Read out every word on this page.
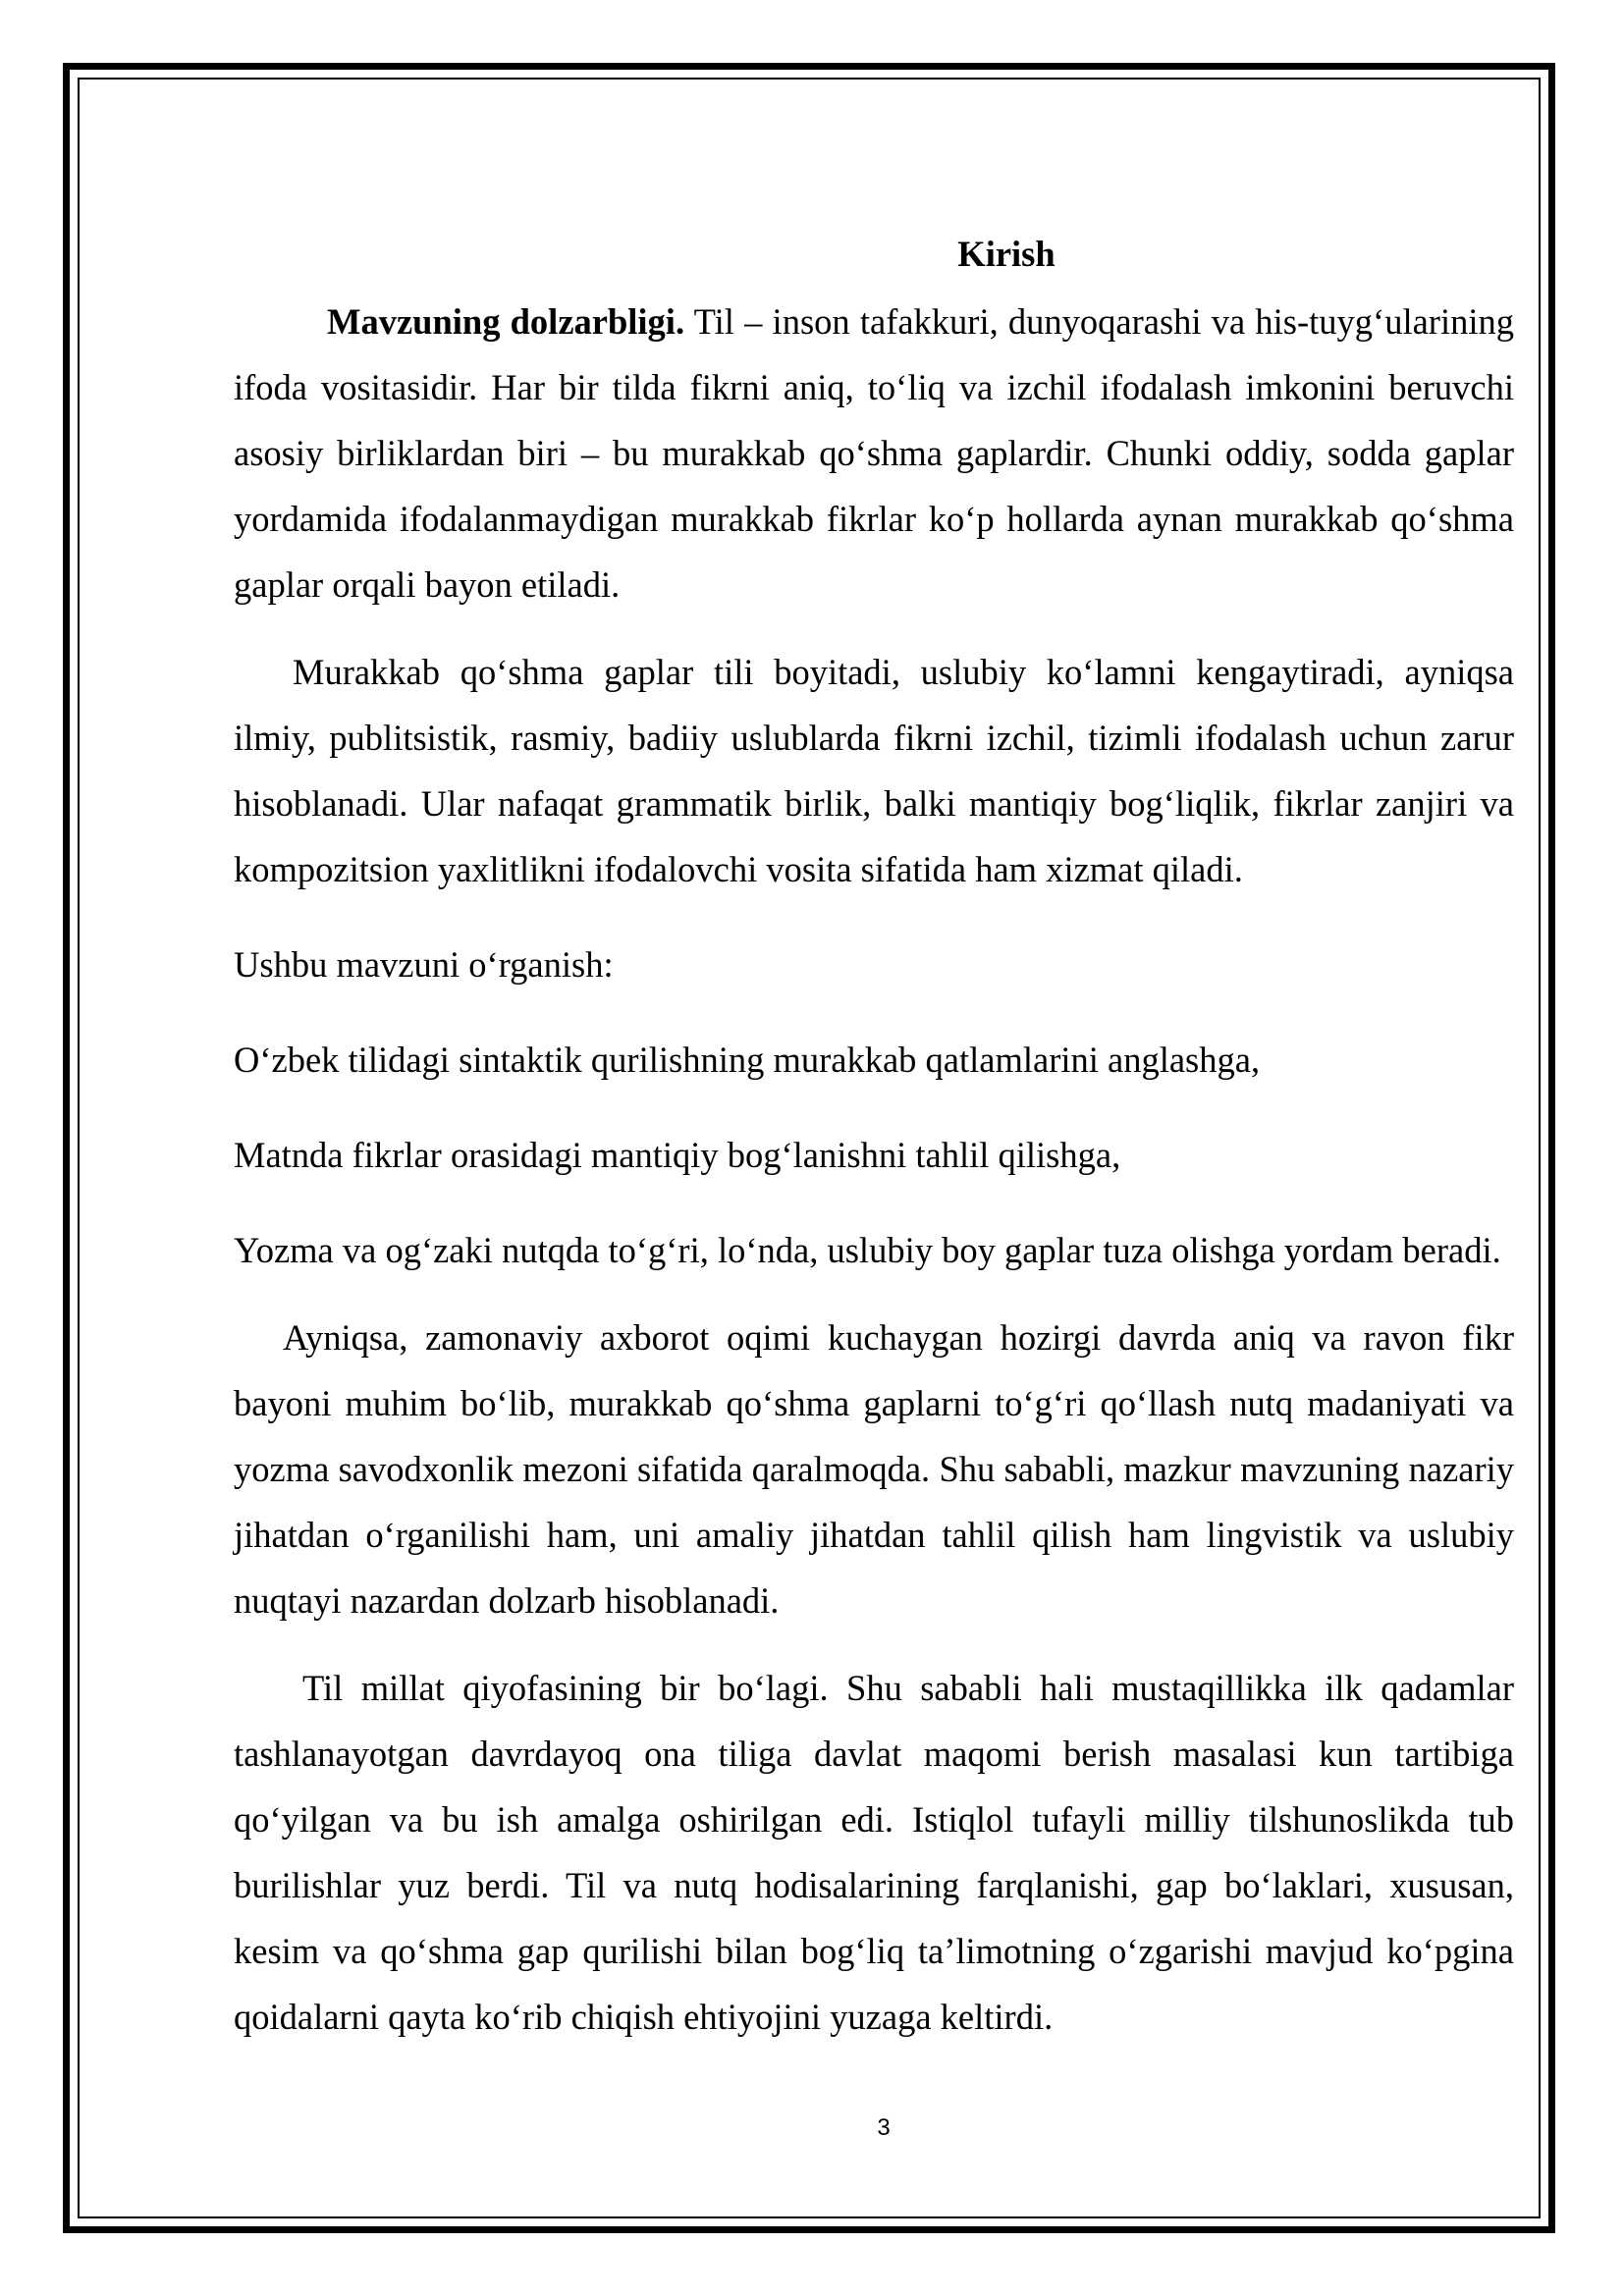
Kirish

Mavzuning dolzarbligi. Til – inson tafakkuri, dunyoqarashi va his-tuyg‘ularining ifoda vositasidir. Har bir tilda fikrni aniq, to‘liq va izchil ifodalash imkonini beruvchi asosiy birliklardan biri – bu murakkab qo‘shma gaplardir. Chunki oddiy, sodda gaplar yordamida ifodalanmaydigan murakkab fikrlar ko‘p hollarda aynan murakkab qo‘shma gaplar orqali bayon etiladi.

Murakkab qo‘shma gaplar tili boyitadi, uslubiy ko‘lamni kengaytiradi, ayniqsa ilmiy, publitsistik, rasmiy, badiiy uslublarda fikrni izchil, tizimli ifodalash uchun zarur hisoblanadi. Ular nafaqat grammatik birlik, balki mantiqiy bog‘liqlik, fikrlar zanjiri va kompozitsion yaxlitlikni ifodalovchi vosita sifatida ham xizmat qiladi.

Ushbu mavzuni o‘rganish:

O‘zbek tilidagi sintaktik qurilishning murakkab qatlamlarini anglashga,

Matnda fikrlar orasidagi mantiqiy bog‘lanishni tahlil qilishga,

Yozma va og‘zaki nutqda to‘g‘ri, lo‘nda, uslubiy boy gaplar tuza olishga yordam beradi.

Ayniqsa, zamonaviy axborot oqimi kuchaygan hozirgi davrda aniq va ravon fikr bayoni muhim bo‘lib, murakkab qo‘shma gaplarni to‘g‘ri qo‘llash nutq madaniyati va yozma savodxonlik mezoni sifatida qaralmoqda. Shu sababli, mazkur mavzuning nazariy jihatdan o‘rganilishi ham, uni amaliy jihatdan tahlil qilish ham lingvistik va uslubiy nuqtayi nazardan dolzarb hisoblanadi.

Til millat qiyofasining bir bo‘lagi. Shu sababli hali mustaqillikka ilk qadamlar tashlanayotgan davrdayoq ona tiliga davlat maqomi berish masalasi kun tartibiga qo‘yilgan va bu ish amalga oshirilgan edi. Istiqlol tufayli milliy tilshunoslikda tub burilishlar yuz berdi. Til va nutq hodisalarining farqlanishi, gap bo‘laklari, xususan, kesim va qo‘shma gap qurilishi bilan bog‘liq ta’limotning o‘zgarishi mavjud ko‘pgina qoidalarni qayta ko‘rib chiqish ehtiyojini yuzaga keltirdi.

3
